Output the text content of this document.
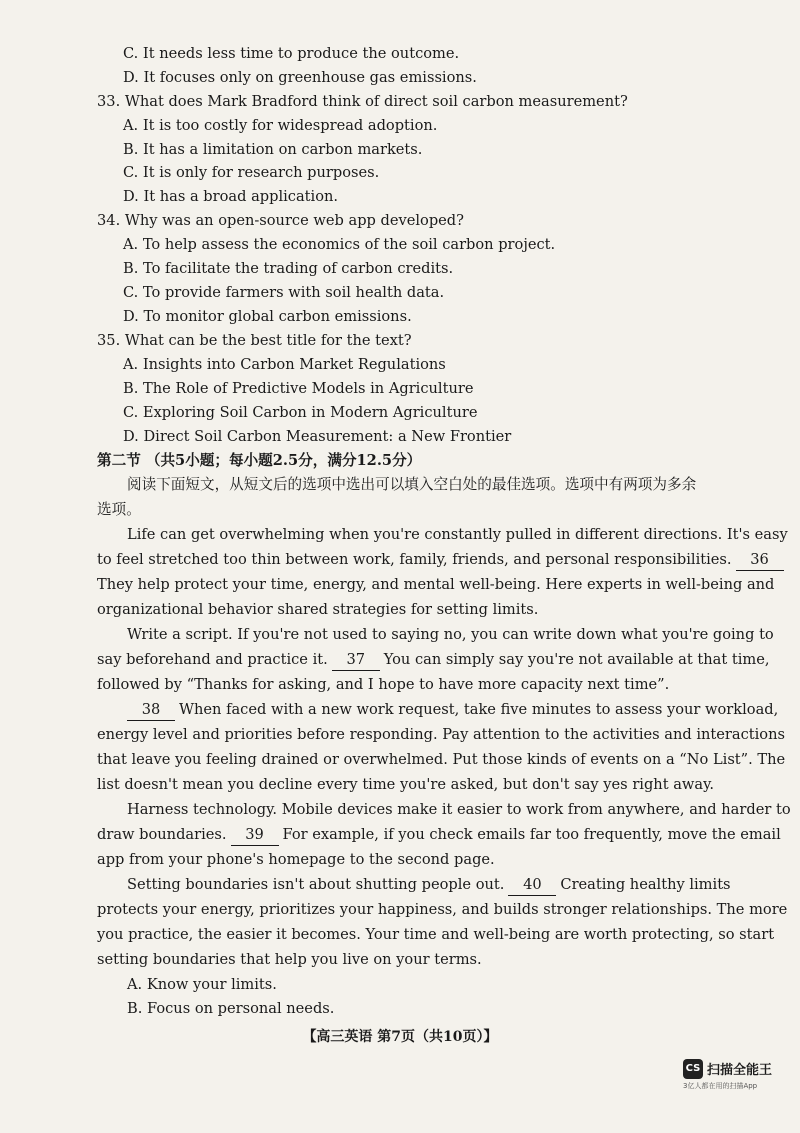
C. It needs less time to produce the outcome.
D. It focuses only on greenhouse gas emissions.
33. What does Mark Bradford think of direct soil carbon measurement?
A. It is too costly for widespread adoption.
B. It has a limitation on carbon markets.
C. It is only for research purposes.
D. It has a broad application.
34. Why was an open-source web app developed?
A. To help assess the economics of the soil carbon project.
B. To facilitate the trading of carbon credits.
C. To provide farmers with soil health data.
D. To monitor global carbon emissions.
35. What can be the best title for the text?
A. Insights into Carbon Market Regulations
B. The Role of Predictive Models in Agriculture
C. Exploring Soil Carbon in Modern Agriculture
D. Direct Soil Carbon Measurement: a New Frontier
第二节 （共5小题；每小题2.5分，满分12.5分）
阅读下面短文，从短文后的选项中选出可以填入空白处的最佳选项。选项中有两项为多余
选项。
Life can get overwhelming when you're constantly pulled in different directions. It's easy
to feel stretched too thin between work, family, friends, and personal responsibilities. 36
They help protect your time, energy, and mental well-being. Here experts in well-being and
organizational behavior shared strategies for setting limits.
Write a script. If you're not used to saying no, you can write down what you're going to
say beforehand and practice it. 37 You can simply say you're not available at that time,
followed by “Thanks for asking, and I hope to have more capacity next time”.
38 When faced with a new work request, take five minutes to assess your workload,
energy level and priorities before responding. Pay attention to the activities and interactions
that leave you feeling drained or overwhelmed. Put those kinds of events on a “No List”. The
list doesn't mean you decline every time you're asked, but don't say yes right away.
Harness technology. Mobile devices make it easier to work from anywhere, and harder to
draw boundaries. 39 For example, if you check emails far too frequently, move the email
app from your phone's homepage to the second page.
Setting boundaries isn't about shutting people out. 40 Creating healthy limits
protects your energy, prioritizes your happiness, and builds stronger relationships. The more
you practice, the easier it becomes. Your time and well-being are worth protecting, so start
setting boundaries that help you live on your terms.
A. Know your limits.
B. Focus on personal needs.
【高三英语 第7页（共10页）】
CS 扫描全能王
3亿人都在用的扫描App
